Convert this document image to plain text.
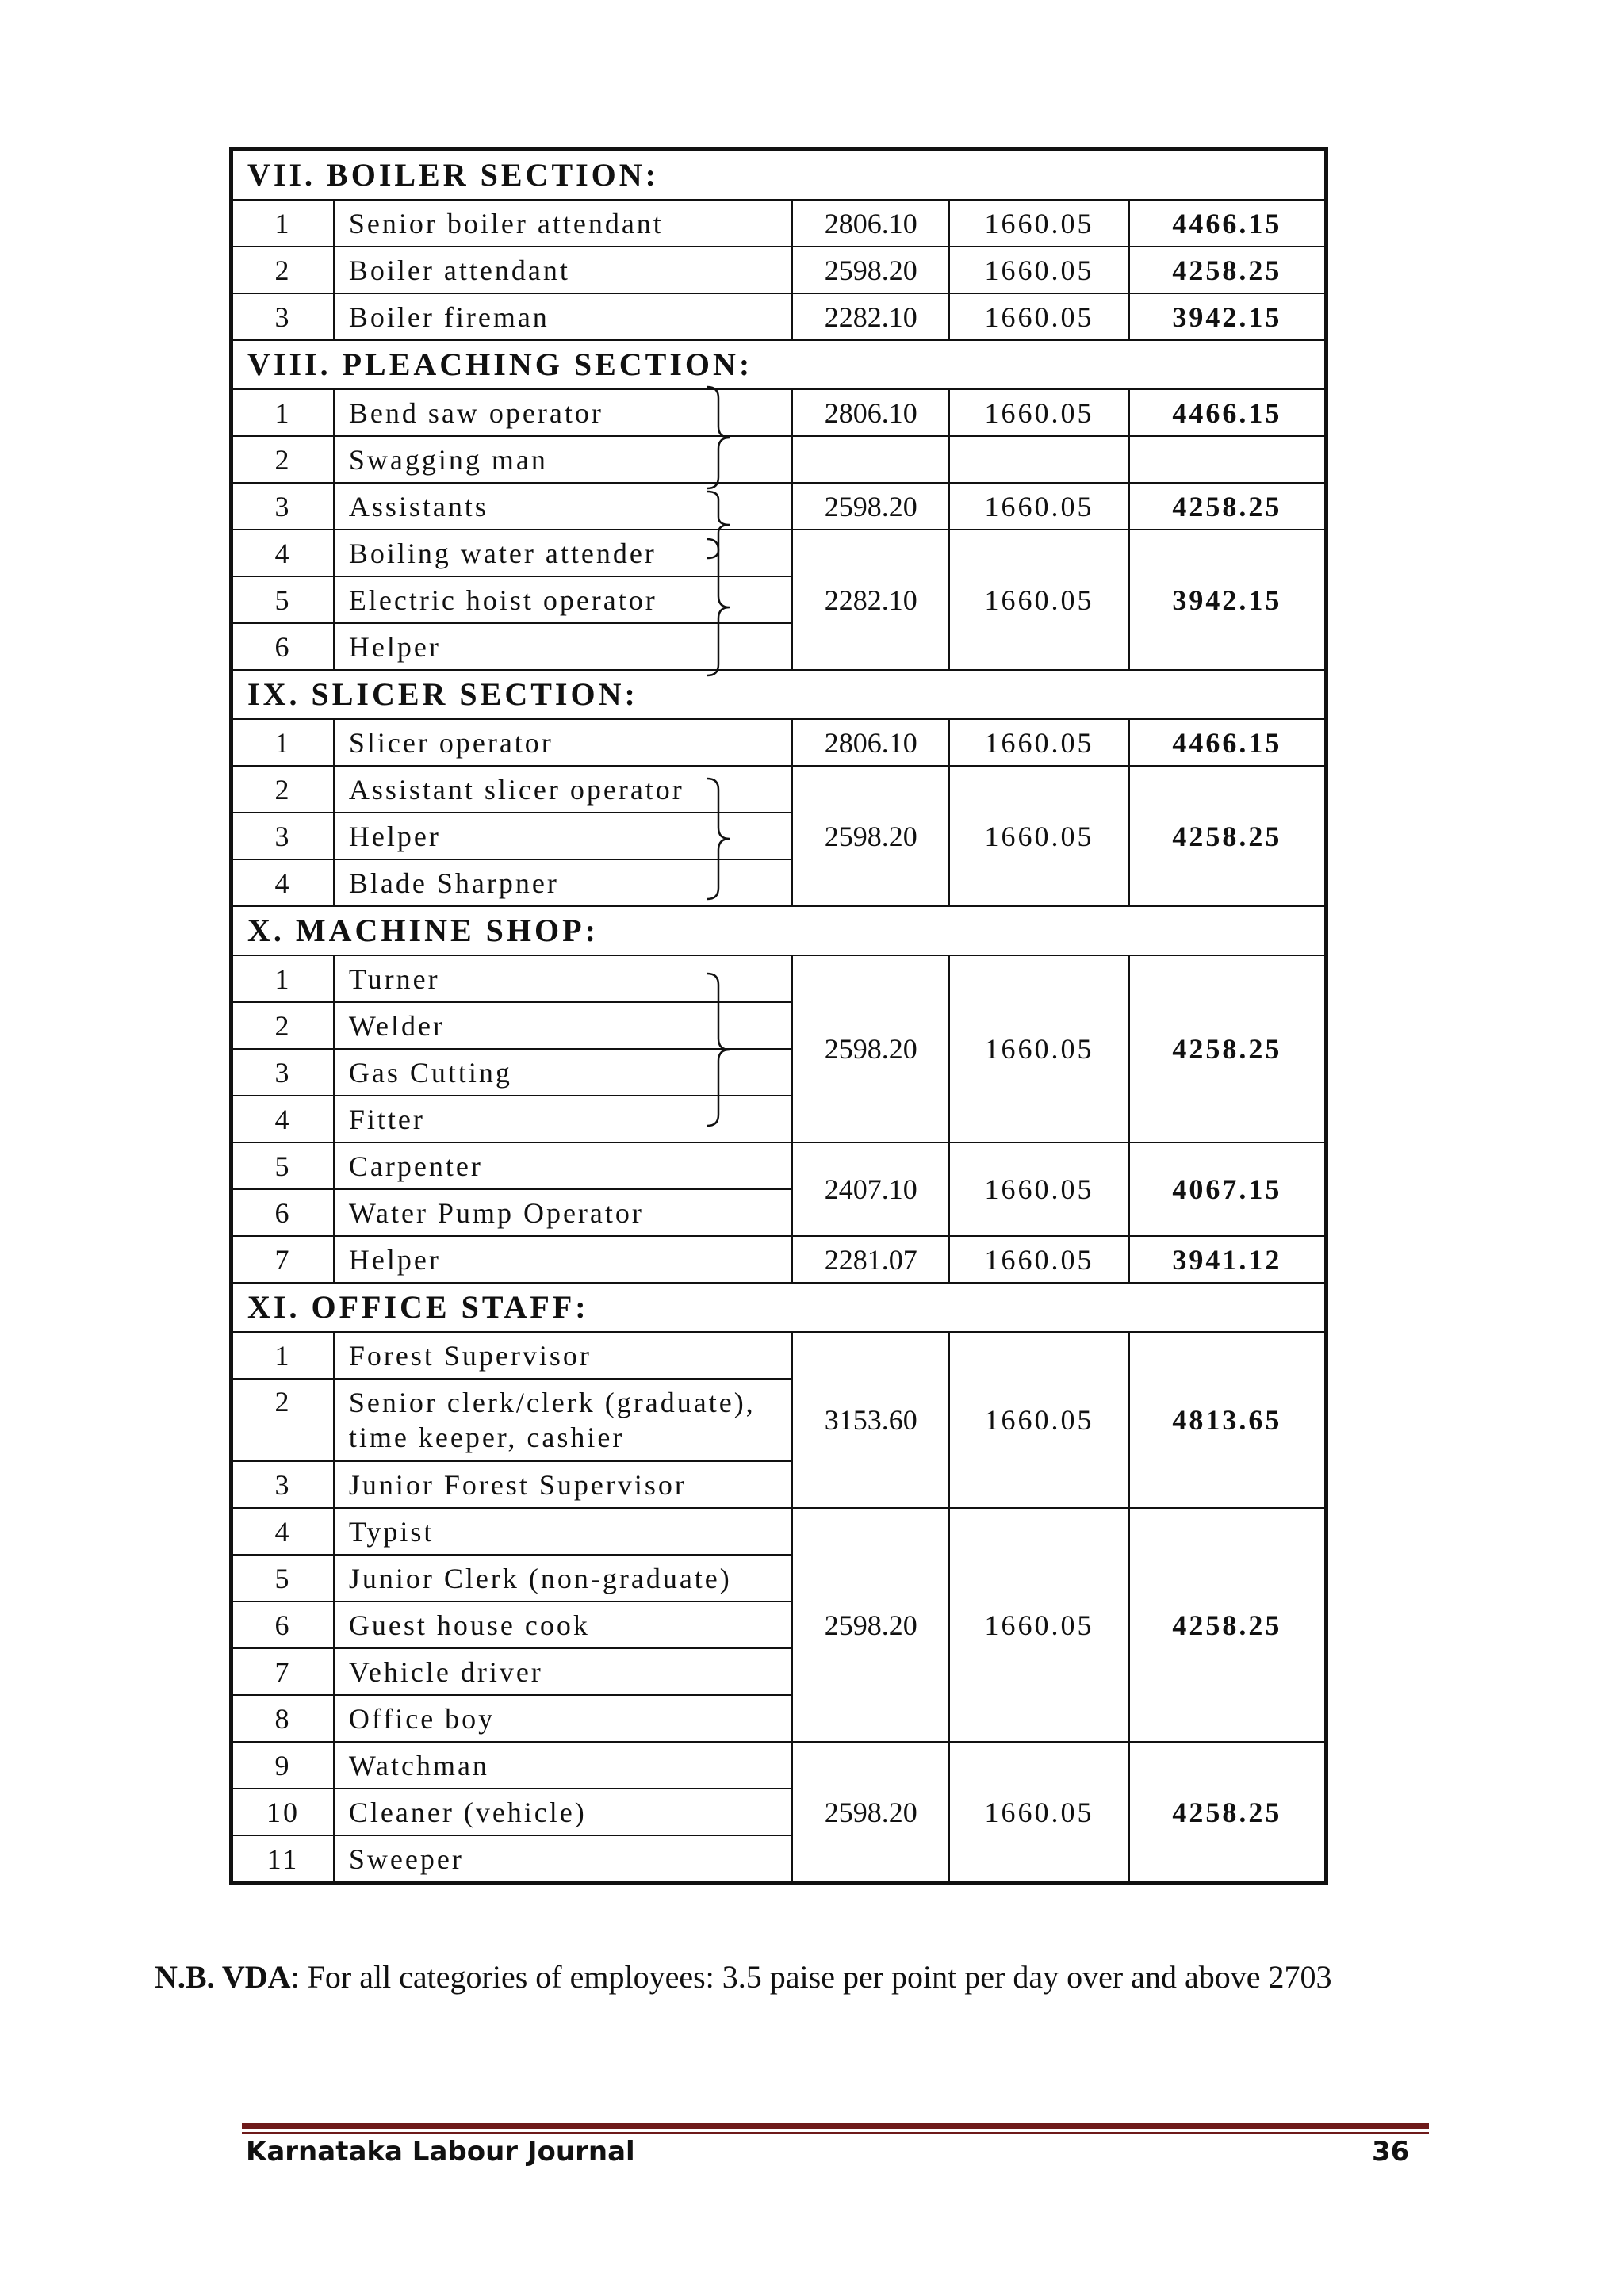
VII. BOILER SECTION:				
1	Senior boiler attendant	2806.10	1660.05	4466.15
2	Boiler attendant	2598.20	1660.05	4258.25
3	Boiler fireman	2282.10	1660.05	3942.15
VIII. PLEACHING SECTION:				
1	Bend saw operator	2806.10	1660.05	4466.15
2	Swagging man			
3	Assistants	2598.20	1660.05	4258.25
4	Boiling water attender	2282.10	1660.05	3942.15
5	Electric hoist operator			
6	Helper			
IX. SLICER SECTION:				
1	Slicer operator	2806.10	1660.05	4466.15
2	Assistant slicer operator	2598.20	1660.05	4258.25
3	Helper			
4	Blade Sharpner			
X. MACHINE SHOP:				
1	Turner	2598.20	1660.05	4258.25
2	Welder			
3	Gas Cutting			
4	Fitter			
5	Carpenter	2407.10	1660.05	4067.15
6	Water Pump Operator			
7	Helper	2281.07	1660.05	3941.12
XI. OFFICE STAFF:				
1	Forest Supervisor	3153.60	1660.05	4813.65
2	Senior clerk/clerk (graduate), time keeper, cashier			
3	Junior Forest Supervisor			
4	Typist	2598.20	1660.05	4258.25
5	Junior Clerk (non-graduate)			
6	Guest house cook			
7	Vehicle driver			
8	Office boy			
9	Watchman	2598.20	1660.05	4258.25
10	Cleaner (vehicle)			
11	Sweeper			
N.B. VDA: For all categories of employees: 3.5 paise per point per day over and above 2703
Karnataka Labour Journal	36
